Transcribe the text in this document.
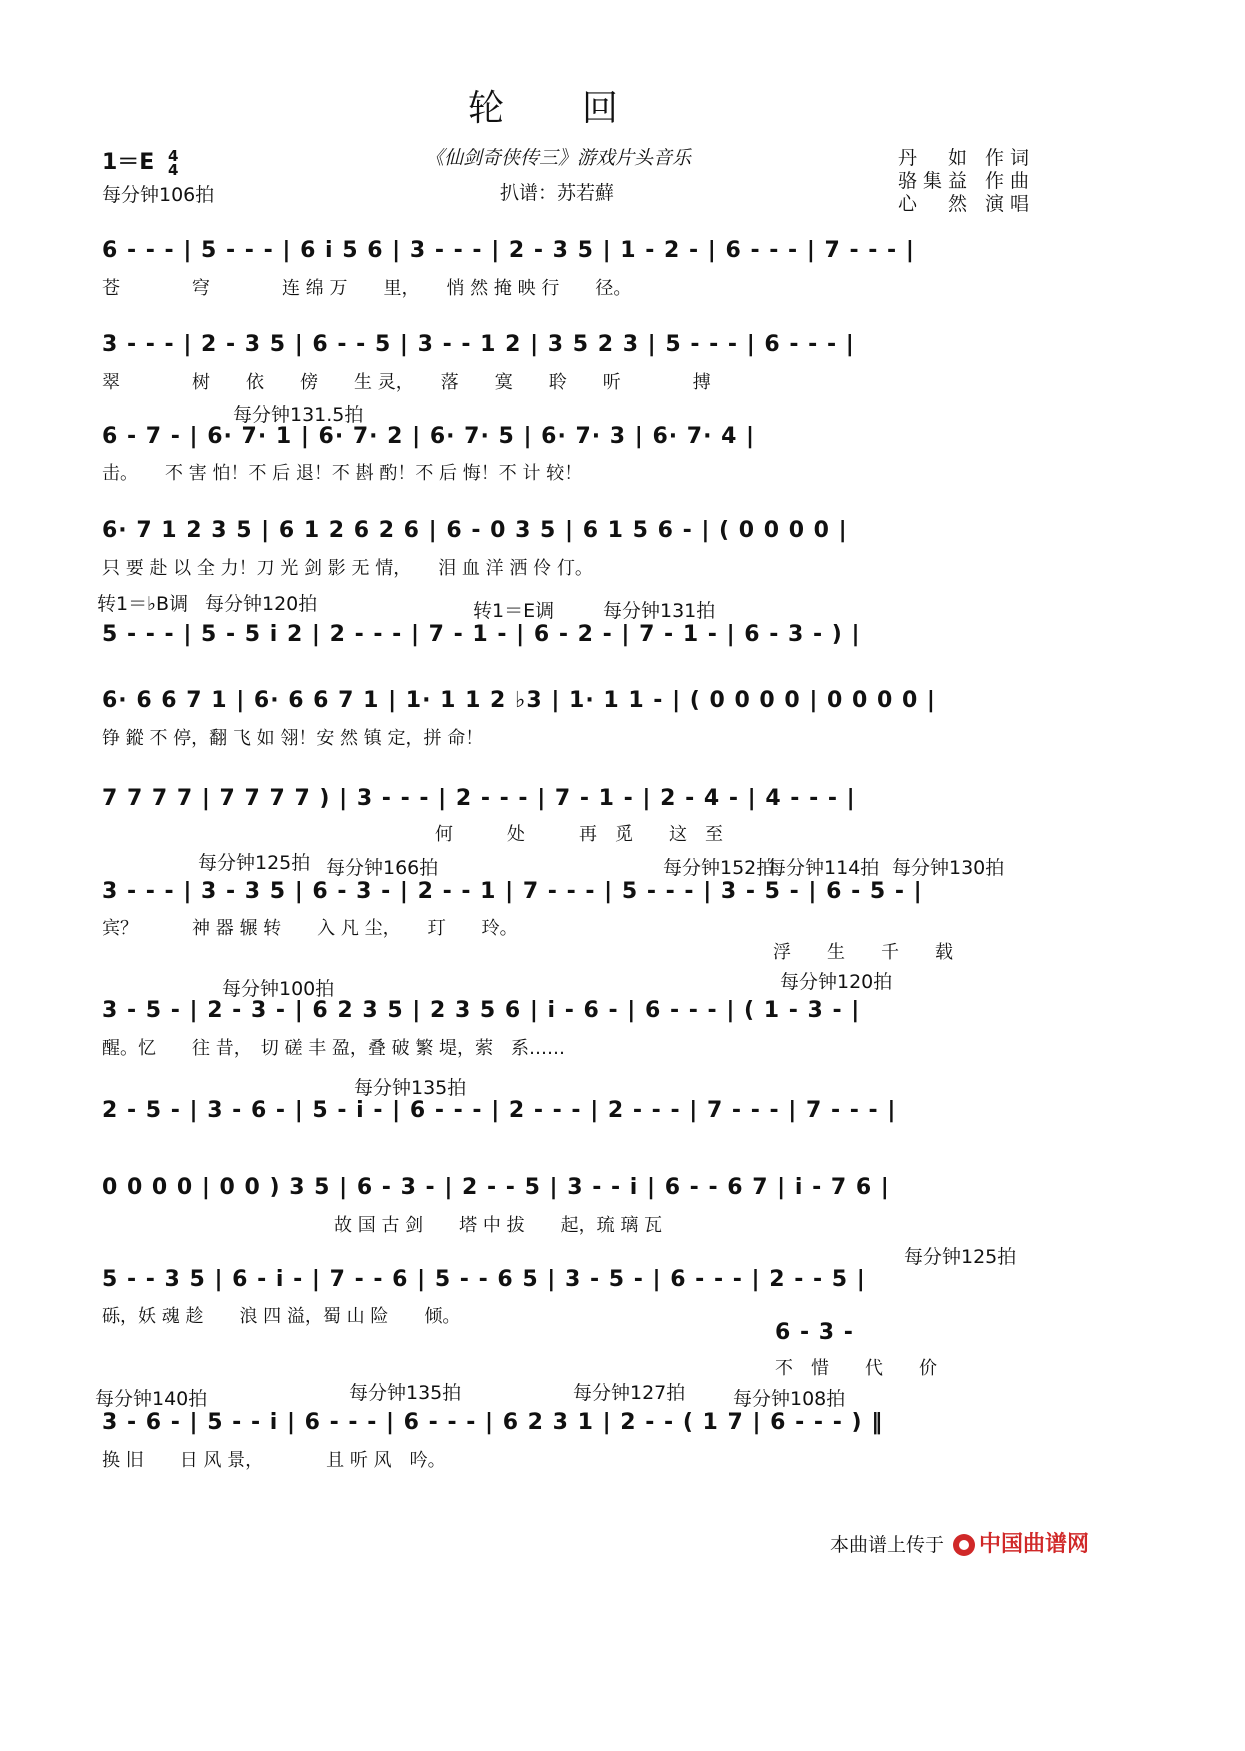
轮　　回
1＝E 4
4
每分钟106拍
《仙剑奇侠传三》游戏片头音乐
扒谱：苏若蘚
丹　如 作词
骆集益 作曲
心　然 演唱
6 - - - | 5 - - - | 6 i 5 6 | 3 - - - | 2 - 3 5 | 1 - 2 - | 6 - - - | 7 - - - |
苍　　　　穹　　　　连 绵 万　　里，　　悄 然 掩 映 行　　径。
3 - - - | 2 - 3 5 | 6 - - 5 | 3 - - 1 2 | 3 5 2 3 | 5 - - - | 6 - - - |
翠　　　　树　　依　　傍　　生 灵，　　落　　寞　　聆　　听　　　　搏
每分钟131.5拍
6 - 7 - | 6· 7· 1 | 6· 7· 2 | 6· 7· 5 | 6· 7· 3 | 6· 7· 4 |
击。　　不 害 怕！不 后 退！不 斟 酌！不 后 悔！不 计 较！
6· 7 1 2 3 5 | 6 1 2 6 2 6 | 6 - 0 3 5 | 6 1 5 6 - | ( 0 0 0 0 |
只 要 赴 以 全 力！刀 光 剑 影 无 情，　　泪 血 洋 洒 伶 仃。
转1＝♭B调 每分钟120拍	转1＝E调	每分钟131拍
5 - - - | 5 - 5 i 2 | 2 - - - | 7 - 1 - | 6 - 2 - | 7 - 1 - | 6 - 3 - ) |
6· 6 6 7 1 | 6· 6 6 7 1 | 1· 1 1 2 ♭3 | 1· 1 1 - | ( 0 0 0 0 | 0 0 0 0 |
铮 鏦 不 停，翻 飞 如 翎！安 然 镇 定，拼 命！
7 7 7 7 | 7 7 7 7 ) | 3 - - - | 2 - - - | 7 - 1 - | 2 - 4 - | 4 - - - |
何　　　处　　　再　觅　　这　至
每分钟125拍 每分钟166拍	每分钟152拍
每分钟114拍 每分钟130拍
3 - - - | 3 - 3 5 | 6 - 3 - | 2 - - 1 | 7 - - - | 5 - - - | 3 - 5 - | 6 - 5 - |
宾？　　　神 器 辗 转　　入 凡 尘，　　玎　　玲。
浮　　生　　千　　载
每分钟100拍	每分钟120拍
3 - 5 - | 2 - 3 - | 6 2 3 5 | 2 3 5 6 | i - 6 - | 6 - - - | ( 1 - 3 - |
醒。忆　　往 昔，　切 磋 丰 盈，叠 破 繁 堤，萦　系……
每分钟135拍
2 - 5 - | 3 - 6 - | 5 - i - | 6 - - - | 2 - - - | 2 - - - | 7 - - - | 7 - - - |
0 0 0 0 | 0 0 ) 3 5 | 6 - 3 - | 2 - - 5 | 3 - - i | 6 - - 6 7 | i - 7 6 |
故 国 古 剑　　塔 中 拔　　起，琉 璃 瓦
每分钟125拍
5 - - 3 5 | 6 - i - | 7 - - 6 | 5 - - 6 5 | 3 - 5 - | 6 - - - | 2 - - 5 |
砾，妖 魂 趁　　浪 四 溢，蜀 山 险　　倾。
6 - 3 -
不　惜　　代　　价
每分钟140拍	每分钟135拍	每分钟127拍	每分钟108拍
3 - 6 - | 5 - - i | 6 - - - | 6 - - - | 6 2 3 1 | 2 - - ( 1 7 | 6 - - - ) ‖
换 旧　　日 风 景，　　　　且 听 风　吟。
本曲谱上传于	中国曲谱网
